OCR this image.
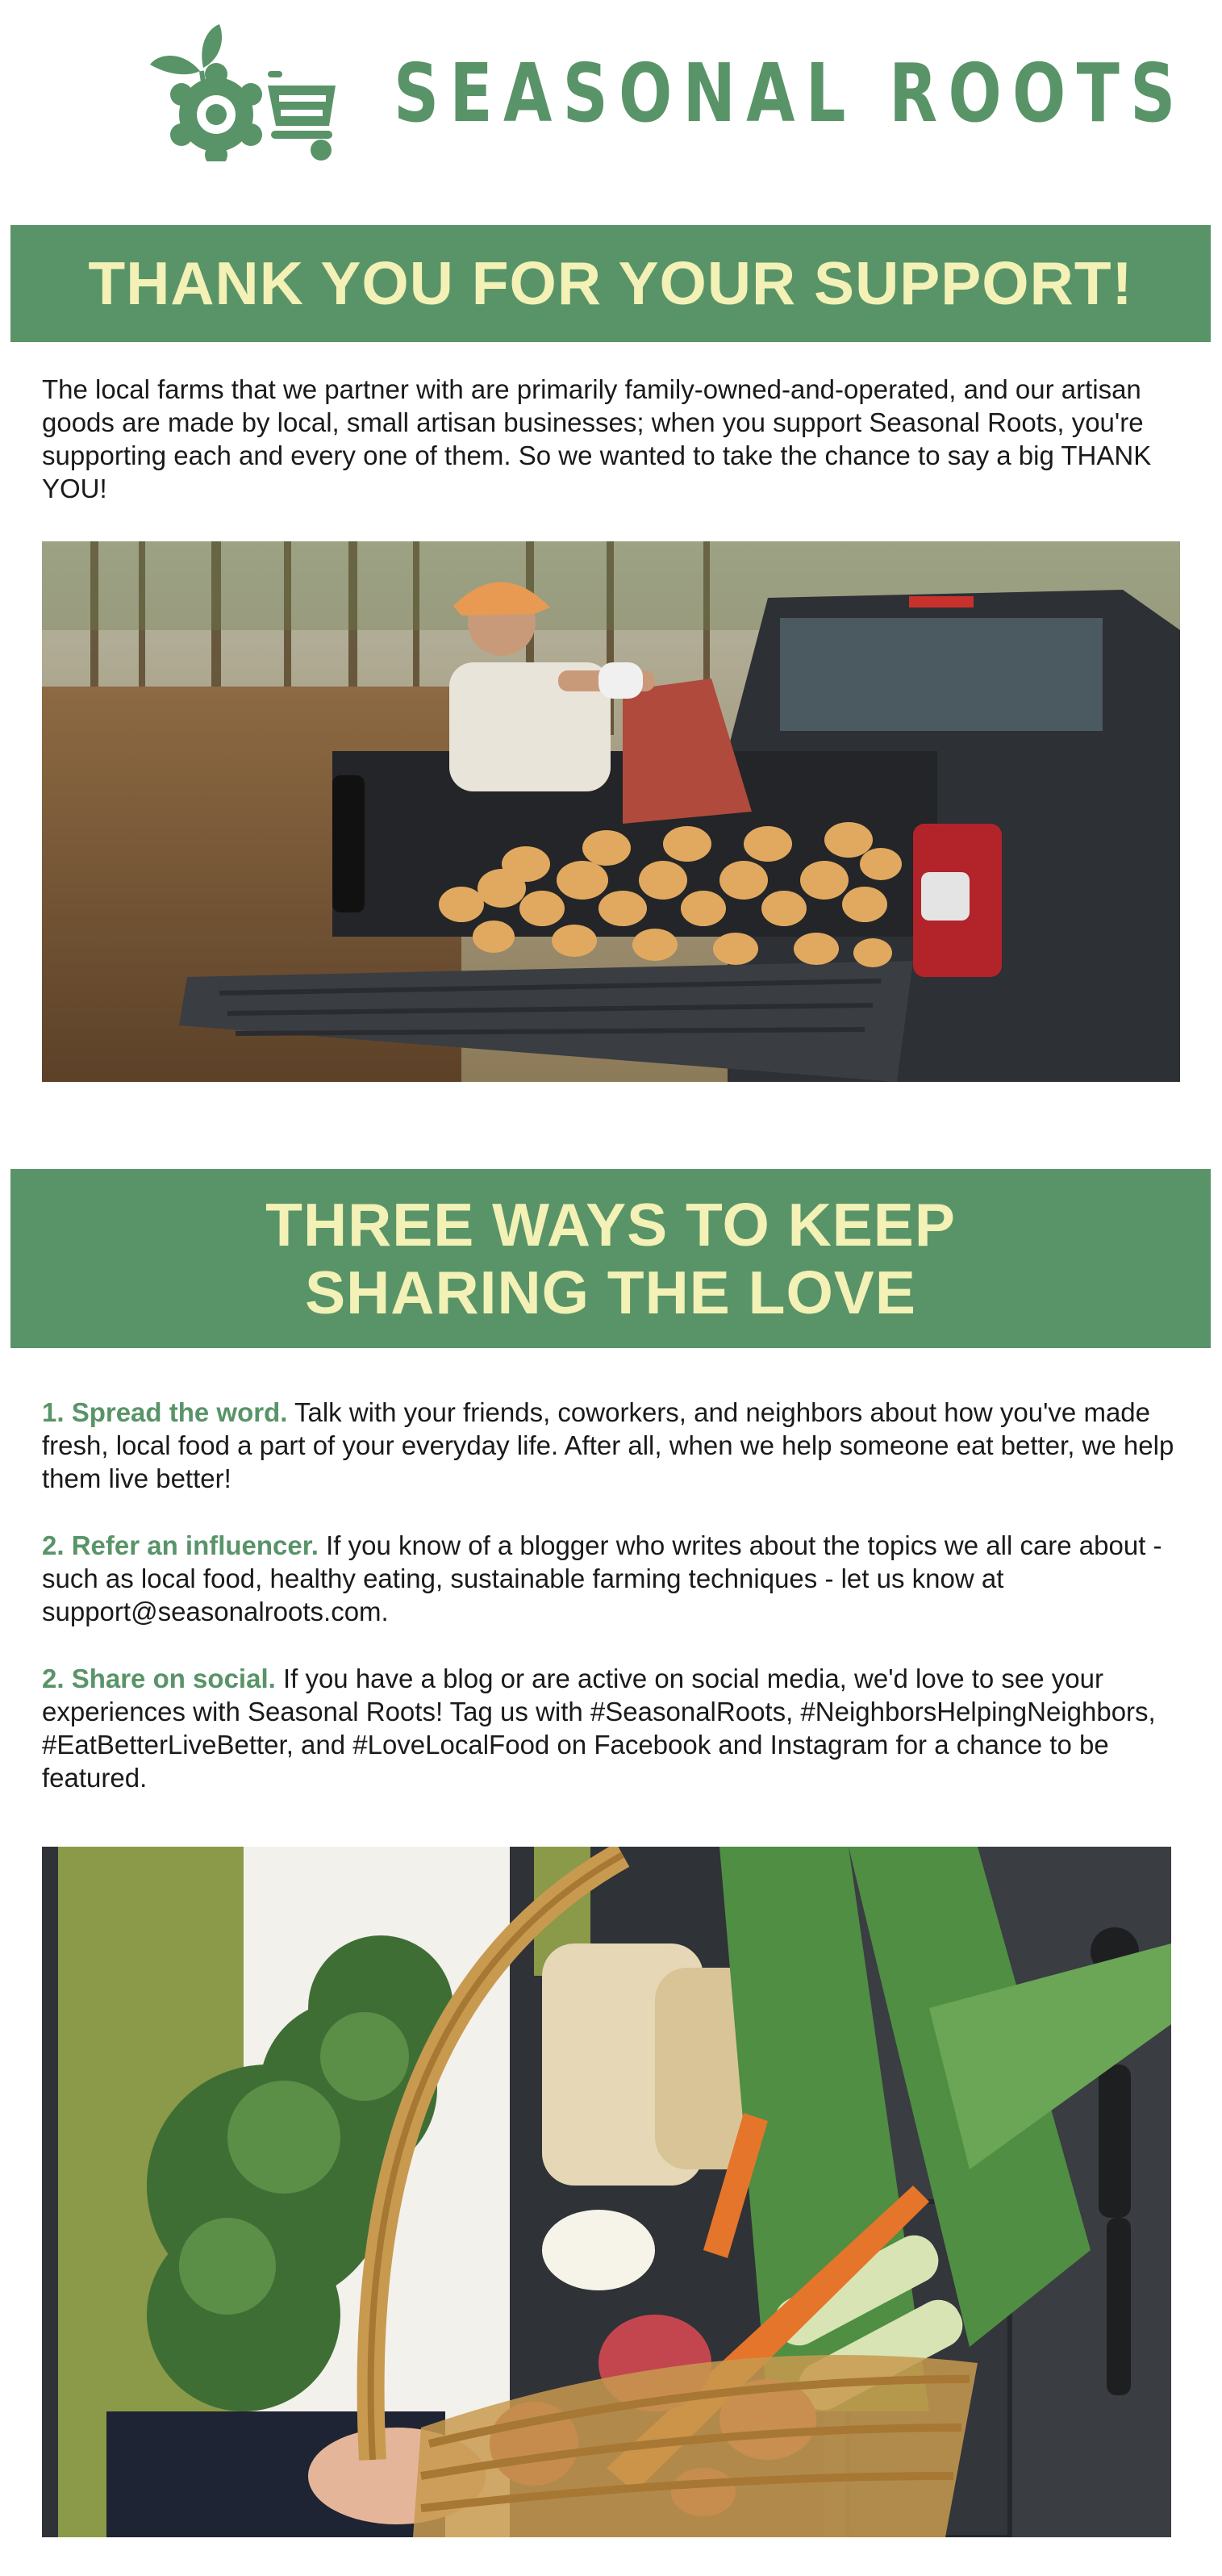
SEASONAL ROOTS
THANK YOU FOR YOUR SUPPORT!

The local farms that we partner with are primarily family-owned-and-operated, and our artisan goods are made by local, small artisan businesses; when you support Seasonal Roots, you're supporting each and every one of them. So we wanted to take the chance to say a big THANK YOU!

THREE WAYS TO KEEP
SHARING THE LOVE

1. Spread the word. Talk with your friends, coworkers, and neighbors about how you've made fresh, local food a part of your everyday life. After all, when we help someone eat better, we help them live better!

2. Refer an influencer. If you know of a blogger who writes about the topics we all care about - such as local food, healthy eating, sustainable farming techniques - let us know at support@seasonalroots.com.

2. Share on social. If you have a blog or are active on social media, we'd love to see your experiences with Seasonal Roots! Tag us with #SeasonalRoots, #NeighborsHelpingNeighbors, #EatBetterLiveBetter, and #LoveLocalFood on Facebook and Instagram for a chance to be featured.
